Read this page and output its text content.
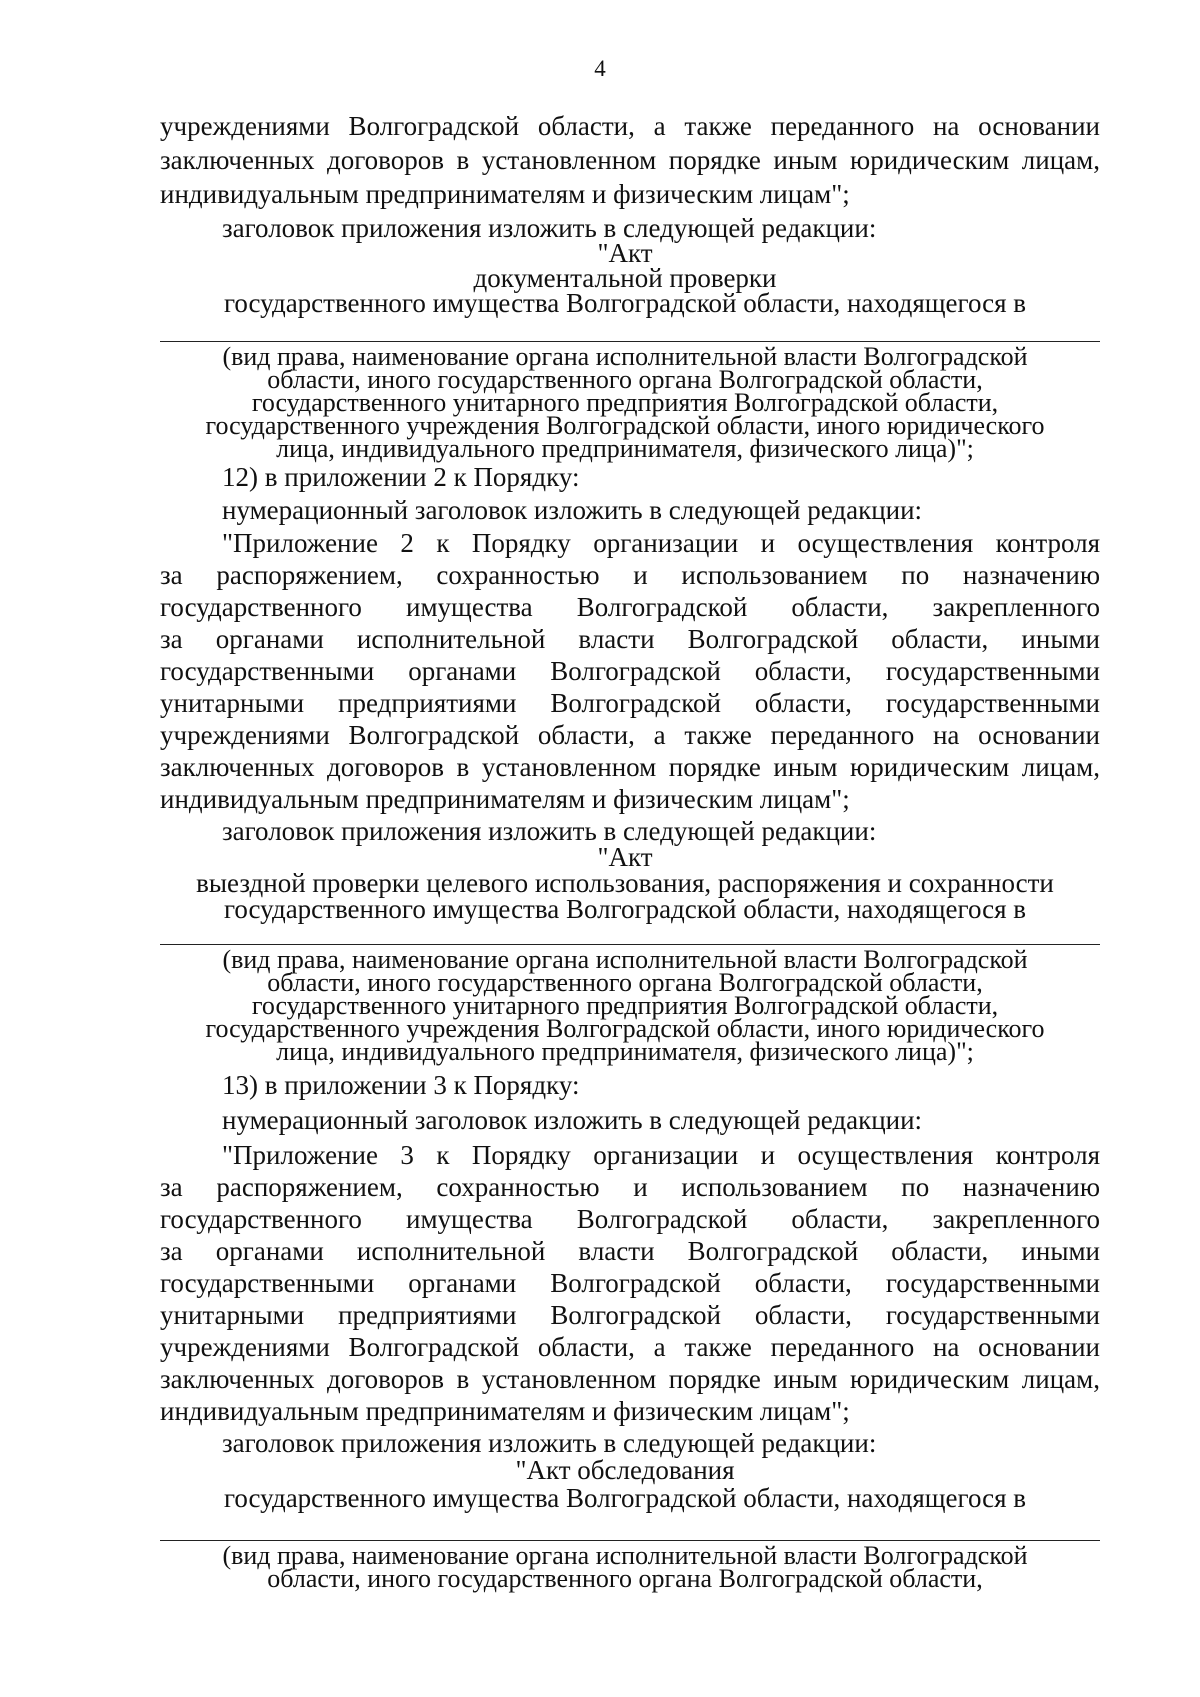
4
учреждениями Волгоградской области, а также переданного на основании
заключенных договоров в установленном порядке иным юридическим лицам,
индивидуальным предпринимателям и физическим лицам";
заголовок приложения изложить в следующей редакции:
"Акт
документальной проверки
государственного имущества Волгоградской области, находящегося в
(вид права, наименование органа исполнительной власти Волгоградской
области, иного государственного органа Волгоградской области,
государственного унитарного предприятия Волгоградской области,
государственного учреждения Волгоградской области, иного юридического
лица, индивидуального предпринимателя, физического лица)";
12) в приложении 2 к Порядку:
нумерационный заголовок изложить в следующей редакции:
"Приложение 2 к Порядку организации и осуществления контроля
за распоряжением, сохранностью и использованием по назначению
государственного имущества Волгоградской области, закрепленного
за органами исполнительной власти Волгоградской области, иными
государственными органами Волгоградской области, государственными
унитарными предприятиями Волгоградской области, государственными
учреждениями Волгоградской области, а также переданного на основании
заключенных договоров в установленном порядке иным юридическим лицам,
индивидуальным предпринимателям и физическим лицам";
заголовок приложения изложить в следующей редакции:
"Акт
выездной проверки целевого использования, распоряжения и сохранности
государственного имущества Волгоградской области, находящегося в
(вид права, наименование органа исполнительной власти Волгоградской
области, иного государственного органа Волгоградской области,
государственного унитарного предприятия Волгоградской области,
государственного учреждения Волгоградской области, иного юридического
лица, индивидуального предпринимателя, физического лица)";
13) в приложении 3 к Порядку:
нумерационный заголовок изложить в следующей редакции:
"Приложение 3 к Порядку организации и осуществления контроля
за распоряжением, сохранностью и использованием по назначению
государственного имущества Волгоградской области, закрепленного
за органами исполнительной власти Волгоградской области, иными
государственными органами Волгоградской области, государственными
унитарными предприятиями Волгоградской области, государственными
учреждениями Волгоградской области, а также переданного на основании
заключенных договоров в установленном порядке иным юридическим лицам,
индивидуальным предпринимателям и физическим лицам";
заголовок приложения изложить в следующей редакции:
"Акт обследования
государственного имущества Волгоградской области, находящегося в
(вид права, наименование органа исполнительной власти Волгоградской
области, иного государственного органа Волгоградской области,
